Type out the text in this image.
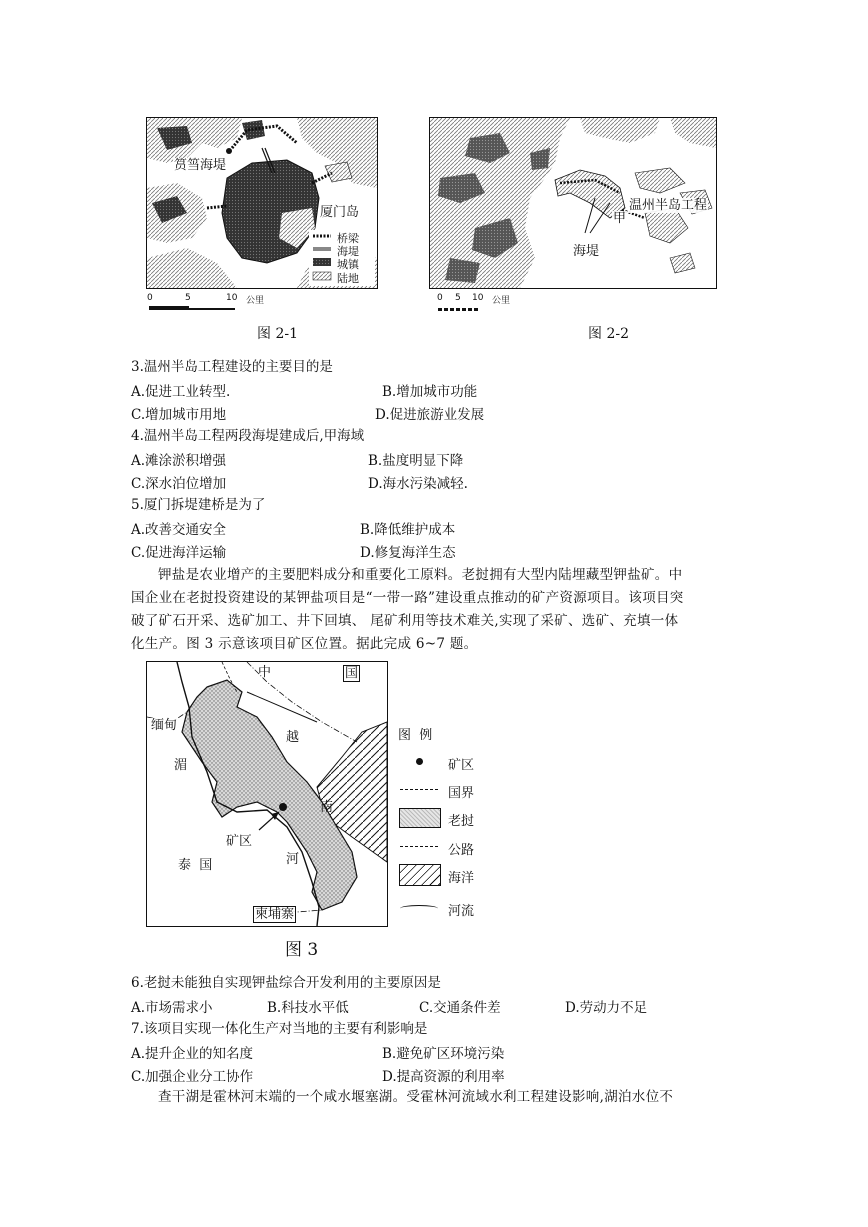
筼筜海堤
厦门岛
桥梁
海堤
城镇
陆地
0	5	10 公里
图 2-1
温州半岛工程
甲
海堤
0 5 10 公里
图 2-2
3.温州半岛工程建设的主要目的是
A.促进工业转型.	B.增加城市功能
C.增加城市用地	D.促进旅游业发展
4.温州半岛工程两段海堤建成后,甲海域
A.滩涂淤积增强	B.盐度明显下降
C.深水泊位增加	D.海水污染减轻.
5.厦门拆堤建桥是为了
A.改善交通安全	B.降低维护成本
C.促进海洋运输	D.修复海洋生态
钾盐是农业增产的主要肥料成分和重要化工原料。老挝拥有大型内陆埋藏型钾盐矿。中
国企业在老挝投资建设的某钾盐项目是“一带一路”建设重点推动的矿产资源项目。该项目突
破了矿石开采、选矿加工、井下回填、 尾矿利用等技术难关,实现了采矿、选矿、充填一体
化生产。图 3 示意该项目矿区位置。据此完成 6~7 题。
中	国
缅甸
湄
越
南
矿区
泰  国	河
柬埔寨
图  例
矿区
国界
老挝
公路
海洋
河流
图 3
6.老挝未能独自实现钾盐综合开发利用的主要原因是
A.市场需求小	B.科技水平低	C.交通条件差	D.劳动力不足
7.该项目实现一体化生产对当地的主要有利影响是
A.提升企业的知名度	B.避免矿区环境污染
C.加强企业分工协作	D.提高资源的利用率
查干湖是霍林河末端的一个咸水堰塞湖。受霍林河流域水利工程建设影响,湖泊水位不
